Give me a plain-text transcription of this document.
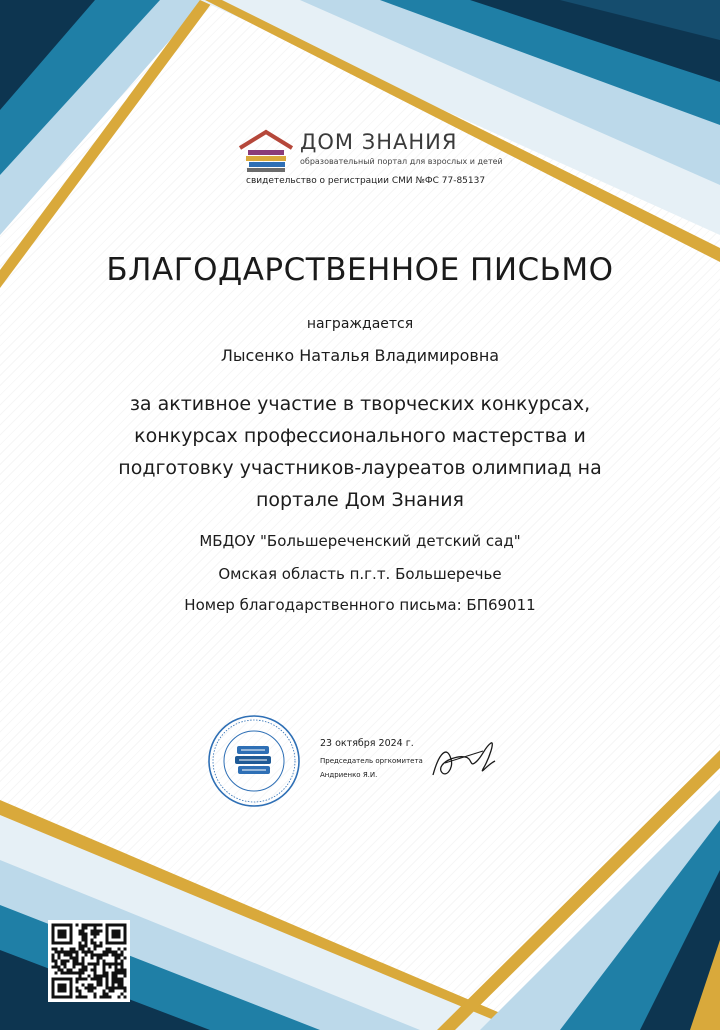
ДОМ ЗНАНИЯ
образовательный портал для взрослых и детей
свидетельство о регистрации СМИ №ФС 77-85137
БЛАГОДАРСТВЕННОЕ ПИСЬМО
награждается
Лысенко Наталья Владимировна
за активное участие в творческих конкурсах, конкурсах профессионального мастерства и подготовку участников-лауреатов олимпиад на портале Дом Знания
МБДОУ "Большереченский детский сад"
Омская область п.г.т. Большеречье
Номер благодарственного письма: БП69011
23 октября 2024 г.
Председатель оргкомитета
Андриенко Я.И.
